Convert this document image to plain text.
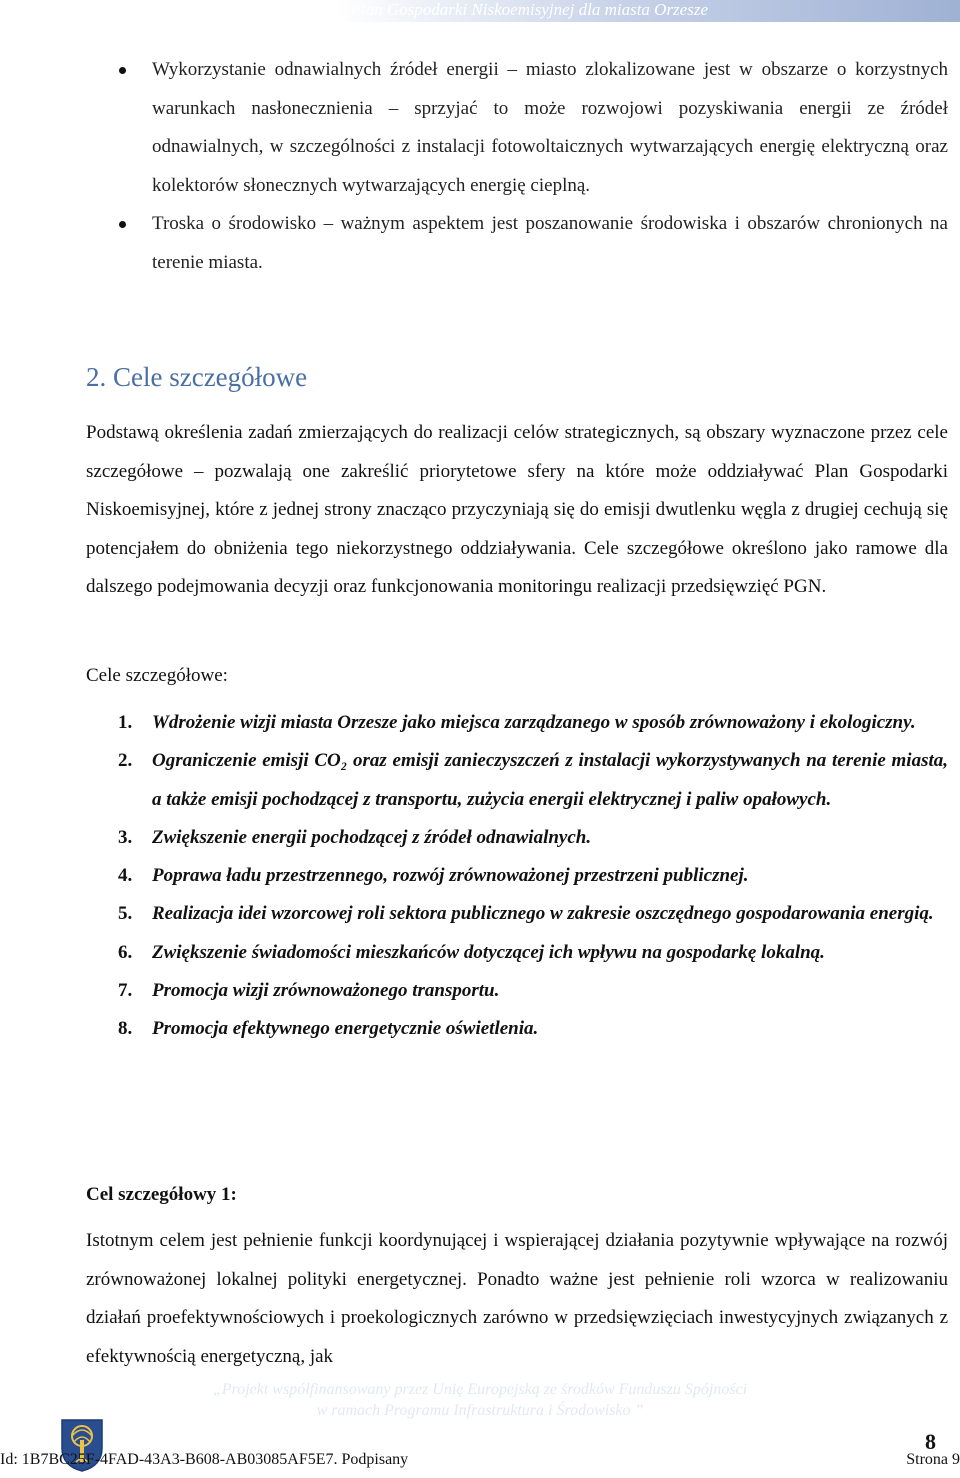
Plan Gospodarki Niskoemisyjnej dla miasta Orzesze
Wykorzystanie odnawialnych źródeł energii – miasto zlokalizowane jest w obszarze o korzystnych warunkach nasłonecznienia – sprzyjać to może rozwojowi pozyskiwania energii ze źródeł odnawialnych, w szczególności z instalacji fotowoltaicznych wytwarzających energię elektryczną oraz kolektorów słonecznych wytwarzających energię cieplną.
Troska o środowisko – ważnym aspektem jest poszanowanie środowiska i obszarów chronionych na terenie miasta.
2. Cele szczegółowe
Podstawą określenia zadań zmierzających do realizacji celów strategicznych, są obszary wyznaczone przez cele szczegółowe – pozwalają one zakreślić priorytetowe sfery na które może oddziaływać Plan Gospodarki Niskoemisyjnej, które z jednej strony znacząco przyczyniają się do emisji dwutlenku węgla z drugiej cechują się potencjałem do obniżenia tego niekorzystnego oddziaływania. Cele szczegółowe określono jako ramowe dla dalszego podejmowania decyzji oraz funkcjonowania monitoringu realizacji przedsięwzięć PGN.
Cele szczegółowe:
1. Wdrożenie wizji miasta Orzesze jako miejsca zarządzanego w sposób zrównoważony i ekologiczny.
2. Ograniczenie emisji CO₂ oraz emisji zanieczyszczeń z instalacji wykorzystywanych na terenie miasta, a także emisji pochodzącej z transportu, zużycia energii elektrycznej i paliw opałowych.
3. Zwiększenie energii pochodzącej z źródeł odnawialnych.
4. Poprawa ładu przestrzennego, rozwój zrównoważonej przestrzeni publicznej.
5. Realizacja idei wzorcowej roli sektora publicznego w zakresie oszczędnego gospodarowania energią.
6. Zwiększenie świadomości mieszkańców dotyczącej ich wpływu na gospodarkę lokalną.
7. Promocja wizji zrównoważonego transportu.
8. Promocja efektywnego energetycznie oświetlenia.
Cel szczegółowy 1:
Istotnym celem jest pełnienie funkcji koordynującej i wspierającej działania pozytywnie wpływające na rozwój zrównoważonej lokalnej polityki energetycznej. Ponadto ważne jest pełnienie roli wzorca w realizowaniu działań proefektywnościowych i proekologicznych zarówno w przedsięwzięciach inwestycyjnych związanych z efektywnością energetyczną, jak
„Projekt współfinansowany przez Unię Europejską ze środków Funduszu Spójności
w ramach Programu Infrastruktura i Środowisko ”
Id: 1B7BC25F-4FAD-43A3-B608-AB03085AF5E7. Podpisany
8
Strona 9
